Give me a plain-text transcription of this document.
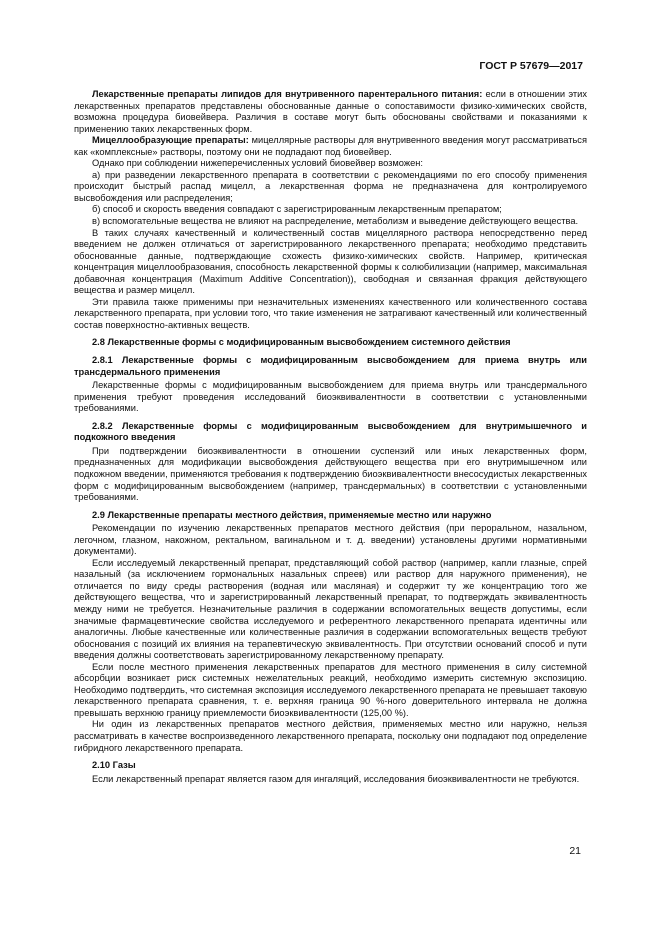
ГОСТ Р 57679—2017
Лекарственные препараты липидов для внутривенного парентерального питания: если в отношении этих лекарственных препаратов представлены обоснованные данные о сопоставимости физико-химических свойств, возможна процедура биовейвера. Различия в составе могут быть обоснованы свойствами и показаниями к применению таких лекарственных форм.
Мицеллообразующие препараты: мицеллярные растворы для внутривенного введения могут рассматриваться как «комплексные» растворы, поэтому они не подпадают под биовейвер.
Однако при соблюдении нижеперечисленных условий биовейвер возможен:
а) при разведении лекарственного препарата в соответствии с рекомендациями по его способу применения происходит быстрый распад мицелл, а лекарственная форма не предназначена для контролируемого высвобождения или распределения;
б) способ и скорость введения совпадают с зарегистрированным лекарственным препаратом;
в) вспомогательные вещества не влияют на распределение, метаболизм и выведение действующего вещества.
В таких случаях качественный и количественный состав мицеллярного раствора непосредственно перед введением не должен отличаться от зарегистрированного лекарственного препарата; необходимо представить обоснованные данные, подтверждающие схожесть физико-химических свойств. Например, критическая концентрация мицеллообразования, способность лекарственной формы к солюбилизации (например, максимальная добавочная концентрация (Maximum Additive Concentration)), свободная и связанная фракция действующего вещества и размер мицелл.
Эти правила также применимы при незначительных изменениях качественного или количественного состава лекарственного препарата, при условии того, что такие изменения не затрагивают качественный или количественный состав поверхностно-активных веществ.
2.8 Лекарственные формы с модифицированным высвобождением системного действия
2.8.1 Лекарственные формы с модифицированным высвобождением для приема внутрь или трансдермального применения
Лекарственные формы с модифицированным высвобождением для приема внутрь или трансдермального применения требуют проведения исследований биоэквивалентности в соответствии с установленными требованиями.
2.8.2 Лекарственные формы с модифицированным высвобождением для внутримышечного и подкожного введения
При подтверждении биоэквивалентности в отношении суспензий или иных лекарственных форм, предназначенных для модификации высвобождения действующего вещества при его внутримышечном или подкожном введении, применяются требования к подтверждению биоэквивалентности внесосудистых лекарственных форм с модифицированным высвобождением (например, трансдермальных) в соответствии с установленными требованиями.
2.9 Лекарственные препараты местного действия, применяемые местно или наружно
Рекомендации по изучению лекарственных препаратов местного действия (при пероральном, назальном, легочном, глазном, накожном, ректальном, вагинальном и т. д. введении) установлены другими нормативными документами).
Если исследуемый лекарственный препарат, представляющий собой раствор (например, капли глазные, спрей назальный (за исключением гормональных назальных спреев) или раствор для наружного применения), не отличается по виду среды растворения (водная или масляная) и содержит ту же концентрацию того же действующего вещества, что и зарегистрированный лекарственный препарат, то подтверждать эквивалентность между ними не требуется. Незначительные различия в содержании вспомогательных веществ допустимы, если значимые фармацевтические свойства исследуемого и референтного лекарственного препарата идентичны или аналогичны. Любые качественные или количественные различия в содержании вспомогательных веществ требуют обоснования с позиций их влияния на терапевтическую эквивалентность. При отсутствии оснований способ и пути введения должны соответствовать зарегистрированному лекарственному препарату.
Если после местного применения лекарственных препаратов для местного применения в силу системной абсорбции возникает риск системных нежелательных реакций, необходимо измерить системную экспозицию. Необходимо подтвердить, что системная экспозиция исследуемого лекарственного препарата не превышает таковую лекарственного препарата сравнения, т. е. верхняя граница 90 %-ного доверительного интервала не должна превышать верхнюю границу приемлемости биоэквивалентности (125,00 %).
Ни один из лекарственных препаратов местного действия, применяемых местно или наружно, нельзя рассматривать в качестве воспроизведенного лекарственного препарата, поскольку они подпадают под определение гибридного лекарственного препарата.
2.10 Газы
Если лекарственный препарат является газом для ингаляций, исследования биоэквивалентности не требуются.
21
